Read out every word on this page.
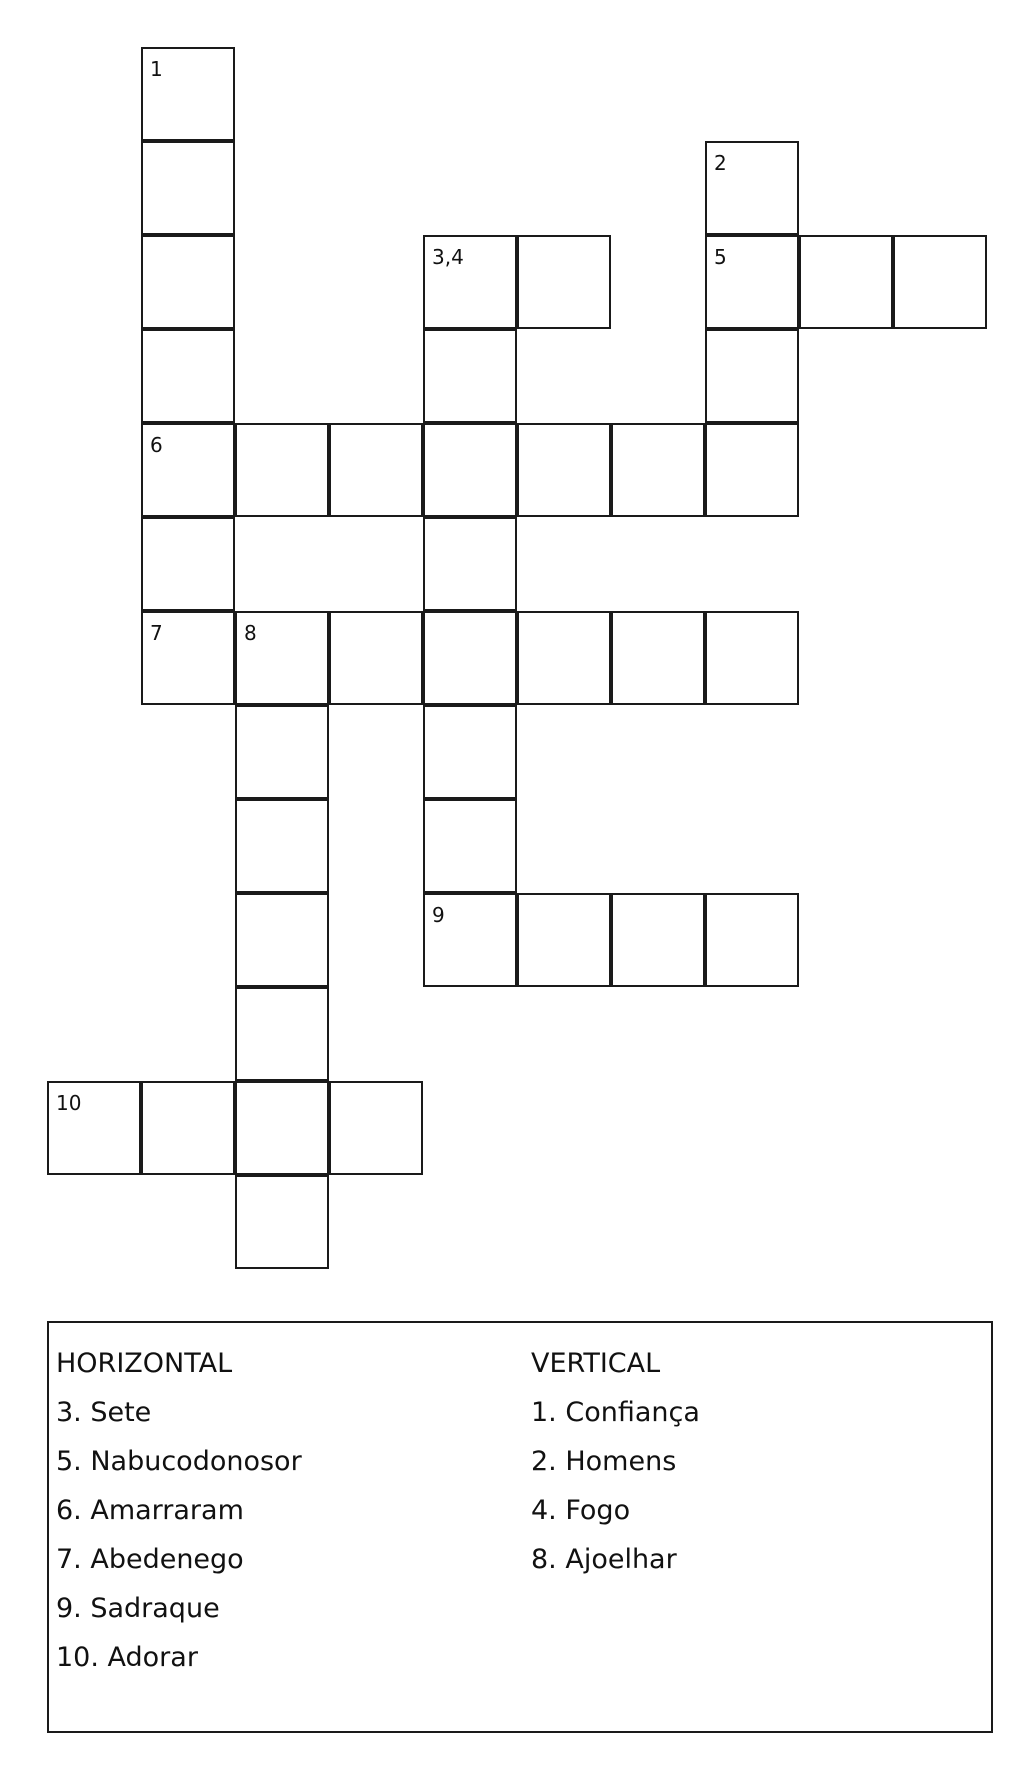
1
2
3,4	5
6
7	8
9
10
HORIZONTAL
3. Sete
5. Nabucodonosor
6. Amarraram
7. Abedenego
9. Sadraque
10. Adorar
VERTICAL
1. Confiança
2. Homens
4. Fogo
8. Ajoelhar
